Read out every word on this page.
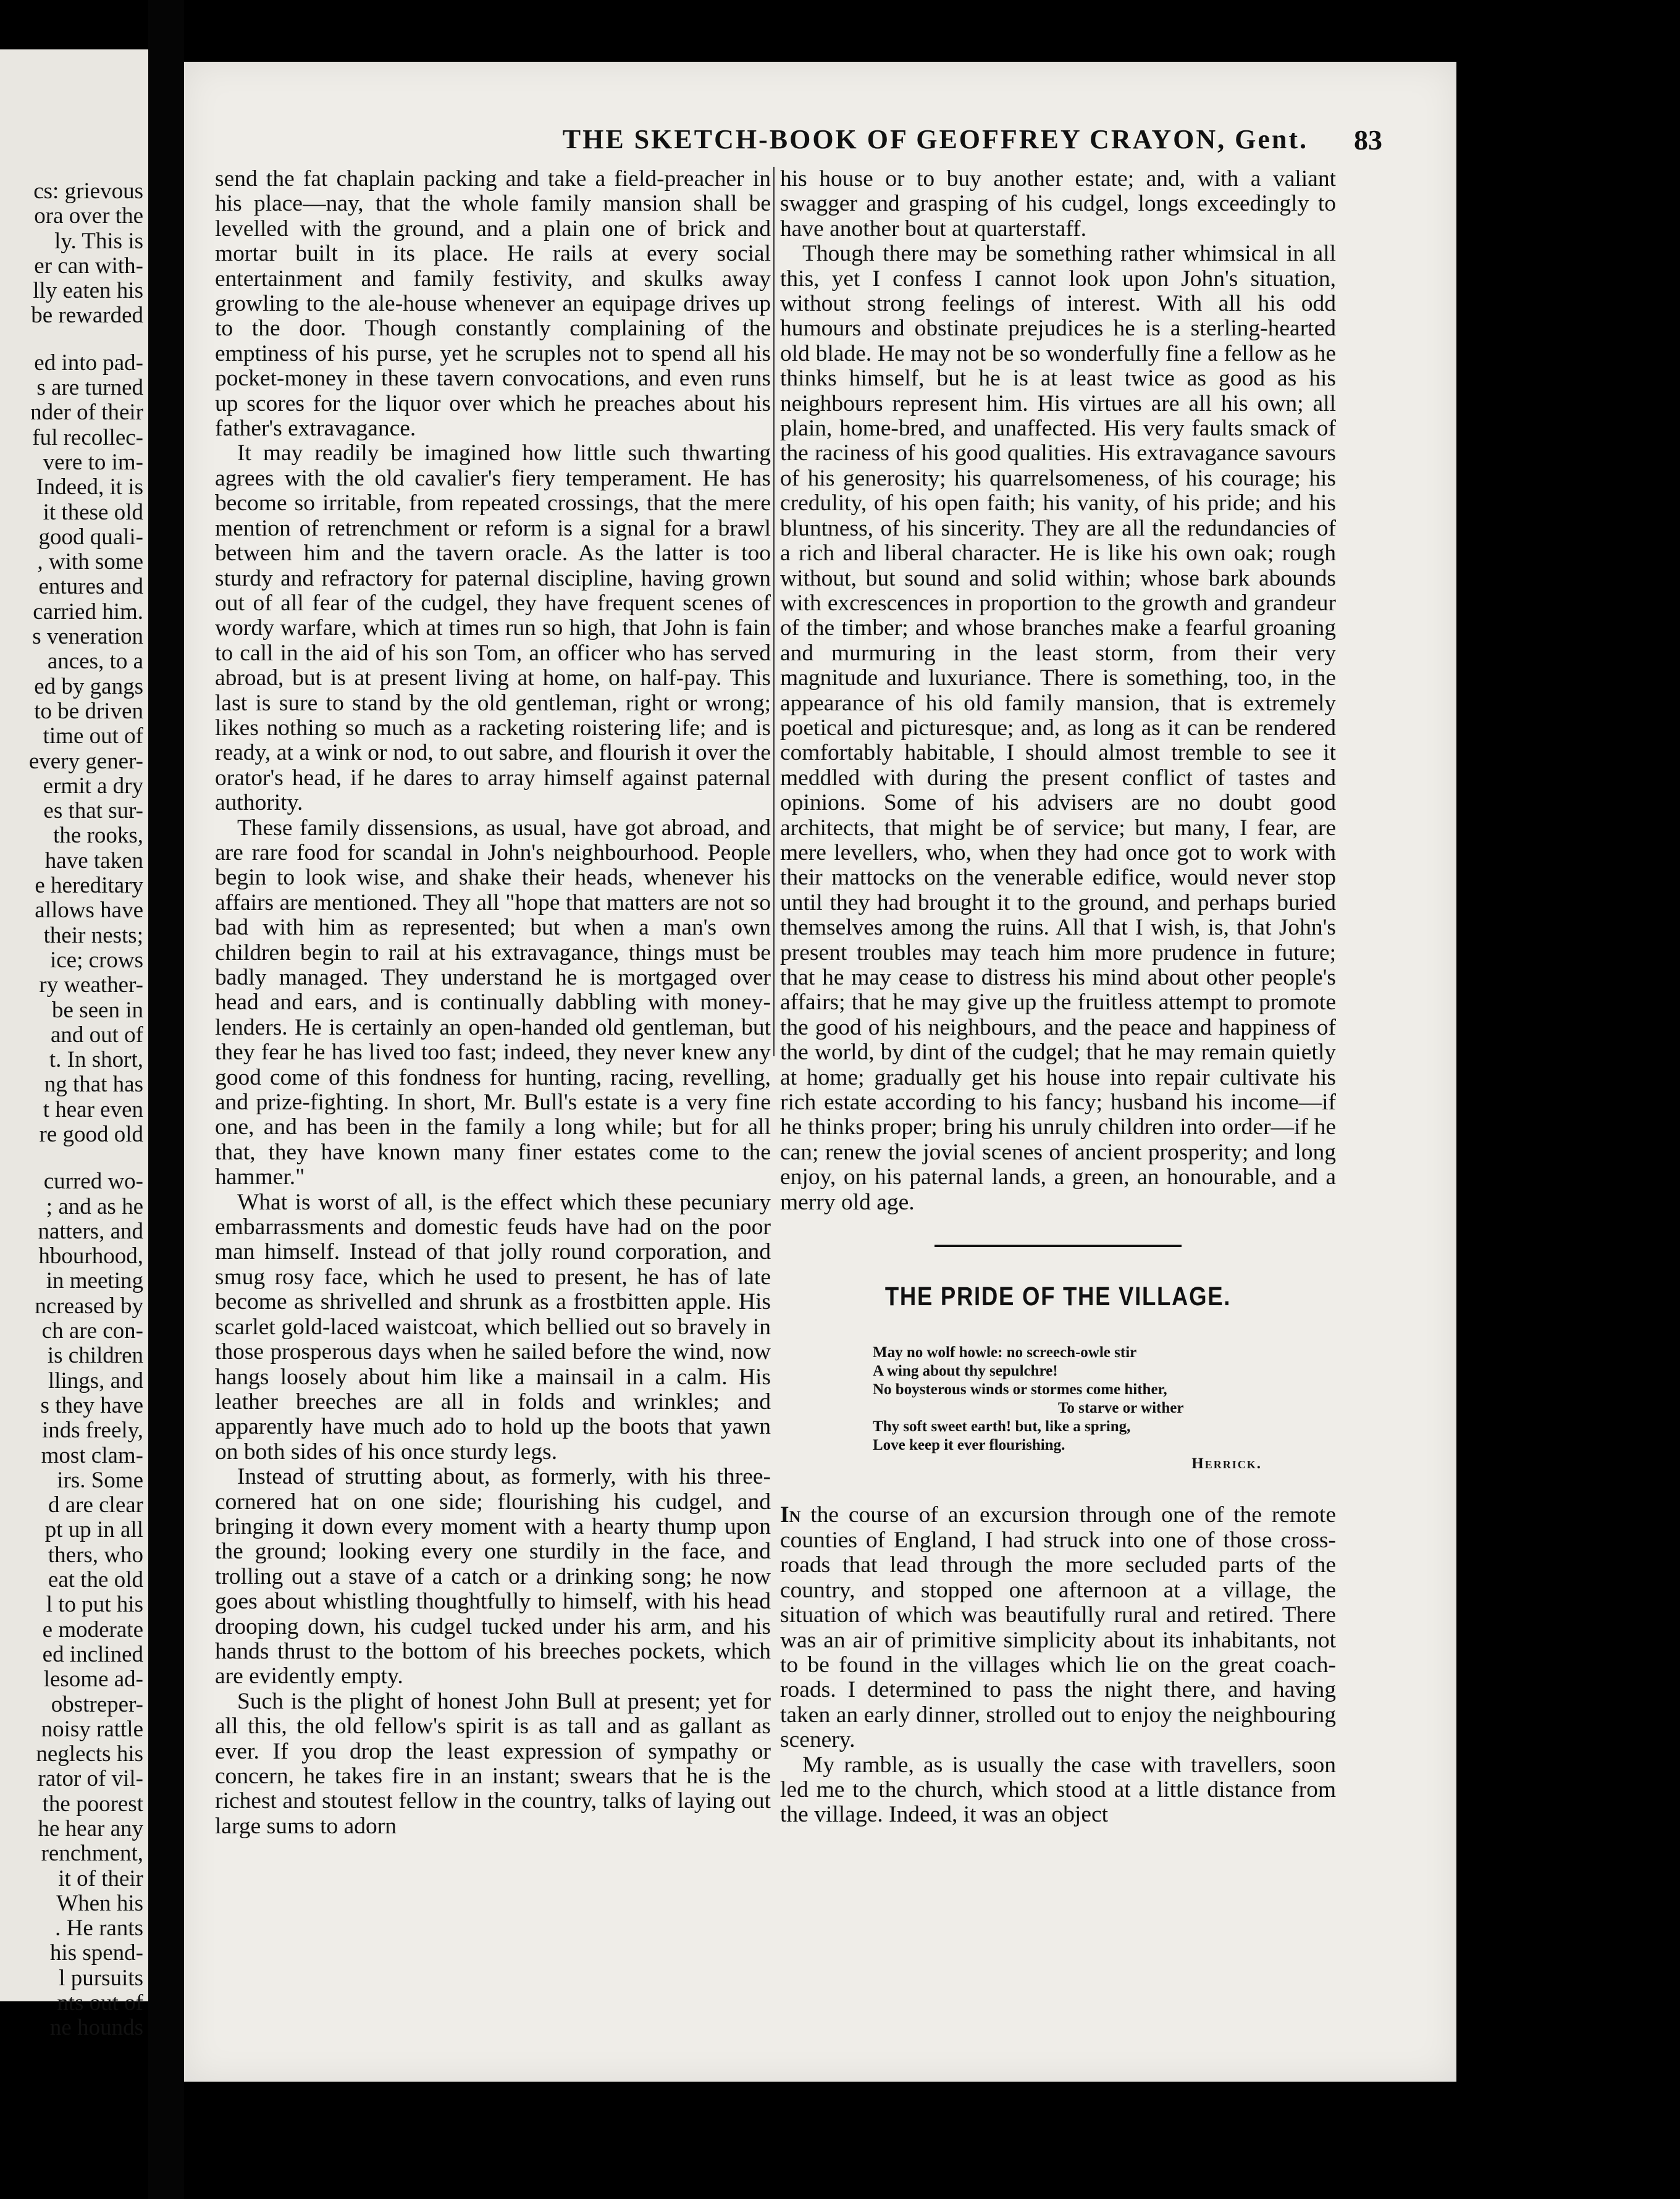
cs: grievous
ora over the
ly. This is
er can with-
lly eaten his
be rewarded
ed into pad-
s are turned
nder of their
ful recollec-
vere to im-
Indeed, it is
it these old
good quali-
, with some
entures and
carried him.
s veneration
ances, to a
ed by gangs
to be driven
time out of
every gener-
ermit a dry
es that sur-
the rooks,
have taken
e hereditary
allows have
their nests;
ice; crows
ry weather-
be seen in
and out of
t. In short,
ng that has
t hear even
re good old
curred wo-
; and as he
natters, and
hbourhood,
in meeting
ncreased by
ch are con-
is children
llings, and
s they have
inds freely,
most clam-
irs. Some
d are clear
pt up in all
thers, who
eat the old
l to put his
e moderate
ed inclined
lesome ad-
obstreper-
noisy rattle
neglects his
rator of vil-
the poorest
he hear any
renchment,
it of their
When his
. He rants
his spend-
l pursuits
nts out of
ne hounds
THE SKETCH-BOOK OF GEOFFREY CRAYON, Gent.	83

send the fat chaplain packing and take a field-preacher in his place—nay, that the whole family mansion shall be levelled with the ground, and a plain one of brick and mortar built in its place. He rails at every social entertainment and family festivity, and skulks away growling to the ale-house whenever an equipage drives up to the door. Though constantly complaining of the emptiness of his purse, yet he scruples not to spend all his pocket-money in these tavern convocations, and even runs up scores for the liquor over which he preaches about his father's extravagance.

It may readily be imagined how little such thwarting agrees with the old cavalier's fiery temperament. He has become so irritable, from repeated crossings, that the mere mention of retrenchment or reform is a signal for a brawl between him and the tavern oracle. As the latter is too sturdy and refractory for paternal discipline, having grown out of all fear of the cudgel, they have frequent scenes of wordy warfare, which at times run so high, that John is fain to call in the aid of his son Tom, an officer who has served abroad, but is at present living at home, on half-pay. This last is sure to stand by the old gentleman, right or wrong; likes nothing so much as a racketing roistering life; and is ready, at a wink or nod, to out sabre, and flourish it over the orator's head, if he dares to array himself against paternal authority.

These family dissensions, as usual, have got abroad, and are rare food for scandal in John's neighbourhood. People begin to look wise, and shake their heads, whenever his affairs are mentioned. They all "hope that matters are not so bad with him as represented; but when a man's own children begin to rail at his extravagance, things must be badly managed. They understand he is mortgaged over head and ears, and is continually dabbling with money-lenders. He is certainly an open-handed old gentleman, but they fear he has lived too fast; indeed, they never knew any good come of this fondness for hunting, racing, revelling, and prize-fighting. In short, Mr. Bull's estate is a very fine one, and has been in the family a long while; but for all that, they have known many finer estates come to the hammer."

What is worst of all, is the effect which these pecuniary embarrassments and domestic feuds have had on the poor man himself. Instead of that jolly round corporation, and smug rosy face, which he used to present, he has of late become as shrivelled and shrunk as a frostbitten apple. His scarlet gold-laced waistcoat, which bellied out so bravely in those prosperous days when he sailed before the wind, now hangs loosely about him like a mainsail in a calm. His leather breeches are all in folds and wrinkles; and apparently have much ado to hold up the boots that yawn on both sides of his once sturdy legs.

Instead of strutting about, as formerly, with his three-cornered hat on one side; flourishing his cudgel, and bringing it down every moment with a hearty thump upon the ground; looking every one sturdily in the face, and trolling out a stave of a catch or a drinking song; he now goes about whistling thoughtfully to himself, with his head drooping down, his cudgel tucked under his arm, and his hands thrust to the bottom of his breeches pockets, which are evidently empty.

Such is the plight of honest John Bull at present; yet for all this, the old fellow's spirit is as tall and as gallant as ever. If you drop the least expression of sympathy or concern, he takes fire in an instant; swears that he is the richest and stoutest fellow in the country, talks of laying out large sums to adorn

his house or to buy another estate; and, with a valiant swagger and grasping of his cudgel, longs exceedingly to have another bout at quarterstaff.

Though there may be something rather whimsical in all this, yet I confess I cannot look upon John's situation, without strong feelings of interest. With all his odd humours and obstinate prejudices he is a sterling-hearted old blade. He may not be so wonderfully fine a fellow as he thinks himself, but he is at least twice as good as his neighbours represent him. His virtues are all his own; all plain, home-bred, and unaffected. His very faults smack of the raciness of his good qualities. His extravagance savours of his generosity; his quarrelsomeness, of his courage; his credulity, of his open faith; his vanity, of his pride; and his bluntness, of his sincerity. They are all the redundancies of a rich and liberal character. He is like his own oak; rough without, but sound and solid within; whose bark abounds with excrescences in proportion to the growth and grandeur of the timber; and whose branches make a fearful groaning and murmuring in the least storm, from their very magnitude and luxuriance. There is something, too, in the appearance of his old family mansion, that is extremely poetical and picturesque; and, as long as it can be rendered comfortably habitable, I should almost tremble to see it meddled with during the present conflict of tastes and opinions. Some of his advisers are no doubt good architects, that might be of service; but many, I fear, are mere levellers, who, when they had once got to work with their mattocks on the venerable edifice, would never stop until they had brought it to the ground, and perhaps buried themselves among the ruins. All that I wish, is, that John's present troubles may teach him more prudence in future; that he may cease to distress his mind about other people's affairs; that he may give up the fruitless attempt to promote the good of his neighbours, and the peace and happiness of the world, by dint of the cudgel; that he may remain quietly at home; gradually get his house into repair cultivate his rich estate according to his fancy; husband his income—if he thinks proper; bring his unruly children into order—if he can; renew the jovial scenes of ancient prosperity; and long enjoy, on his paternal lands, a green, an honourable, and a merry old age.

THE PRIDE OF THE VILLAGE.
May no wolf howle: no screech-owle stir
A wing about thy sepulchre!
No boysterous winds or stormes come hither,
To starve or wither
Thy soft sweet earth! but, like a spring,
Love keep it ever flourishing.
Herrick.

In the course of an excursion through one of the remote counties of England, I had struck into one of those cross-roads that lead through the more secluded parts of the country, and stopped one afternoon at a village, the situation of which was beautifully rural and retired. There was an air of primitive simplicity about its inhabitants, not to be found in the villages which lie on the great coach-roads. I determined to pass the night there, and having taken an early dinner, strolled out to enjoy the neighbouring scenery.

My ramble, as is usually the case with travellers, soon led me to the church, which stood at a little distance from the village. Indeed, it was an object
